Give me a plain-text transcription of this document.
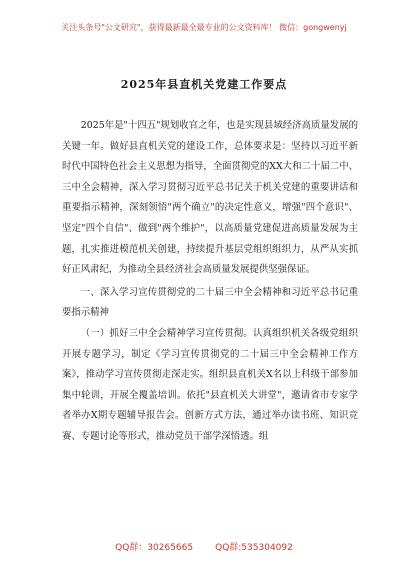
关注头条号"公文研究"，获得最新最全最专业的公文资料库！ 微信：gongwenyj
2025年县直机关党建工作要点

2025年是"十四五"规划收官之年，也是实现县域经济高质量发展的关键一年。做好县直机关党的建设工作，总体要求是：坚持以习近平新时代中国特色社会主义思想为指导，全面贯彻党的XX大和二十届二中、三中全会精神，深入学习贯彻习近平总书记关于机关党建的重要讲话和重要指示精神，深刻领悟"两个确立"的决定性意义，增强"四个意识"、坚定"四个自信"、做到"两个维护"，以高质量党建促进高质量发展为主题，扎实推进模范机关创建，持续提升基层党组织组织力，从严从实抓好正风肃纪，为推动全县经济社会高质量发展提供坚强保证。

一、深入学习宣传贯彻党的二十届三中全会精神和习近平总书记重要指示精神

（一）抓好三中全会精神学习宣传贯彻。认真组织机关各级党组织开展专题学习，制定《学习宣传贯彻党的二十届三中全会精神工作方案》，推动学习宣传贯彻走深走实。组织县直机关X名以上科级干部参加集中轮训，开展全覆盖培训。依托"县直机关大讲堂"，邀请省市专家学者举办X期专题辅导报告会。创新方式方法，通过举办读书班、知识竞赛、专题讨论等形式，推动党员干部学深悟透。组

QQ群：30265665 QQ群:535304092
